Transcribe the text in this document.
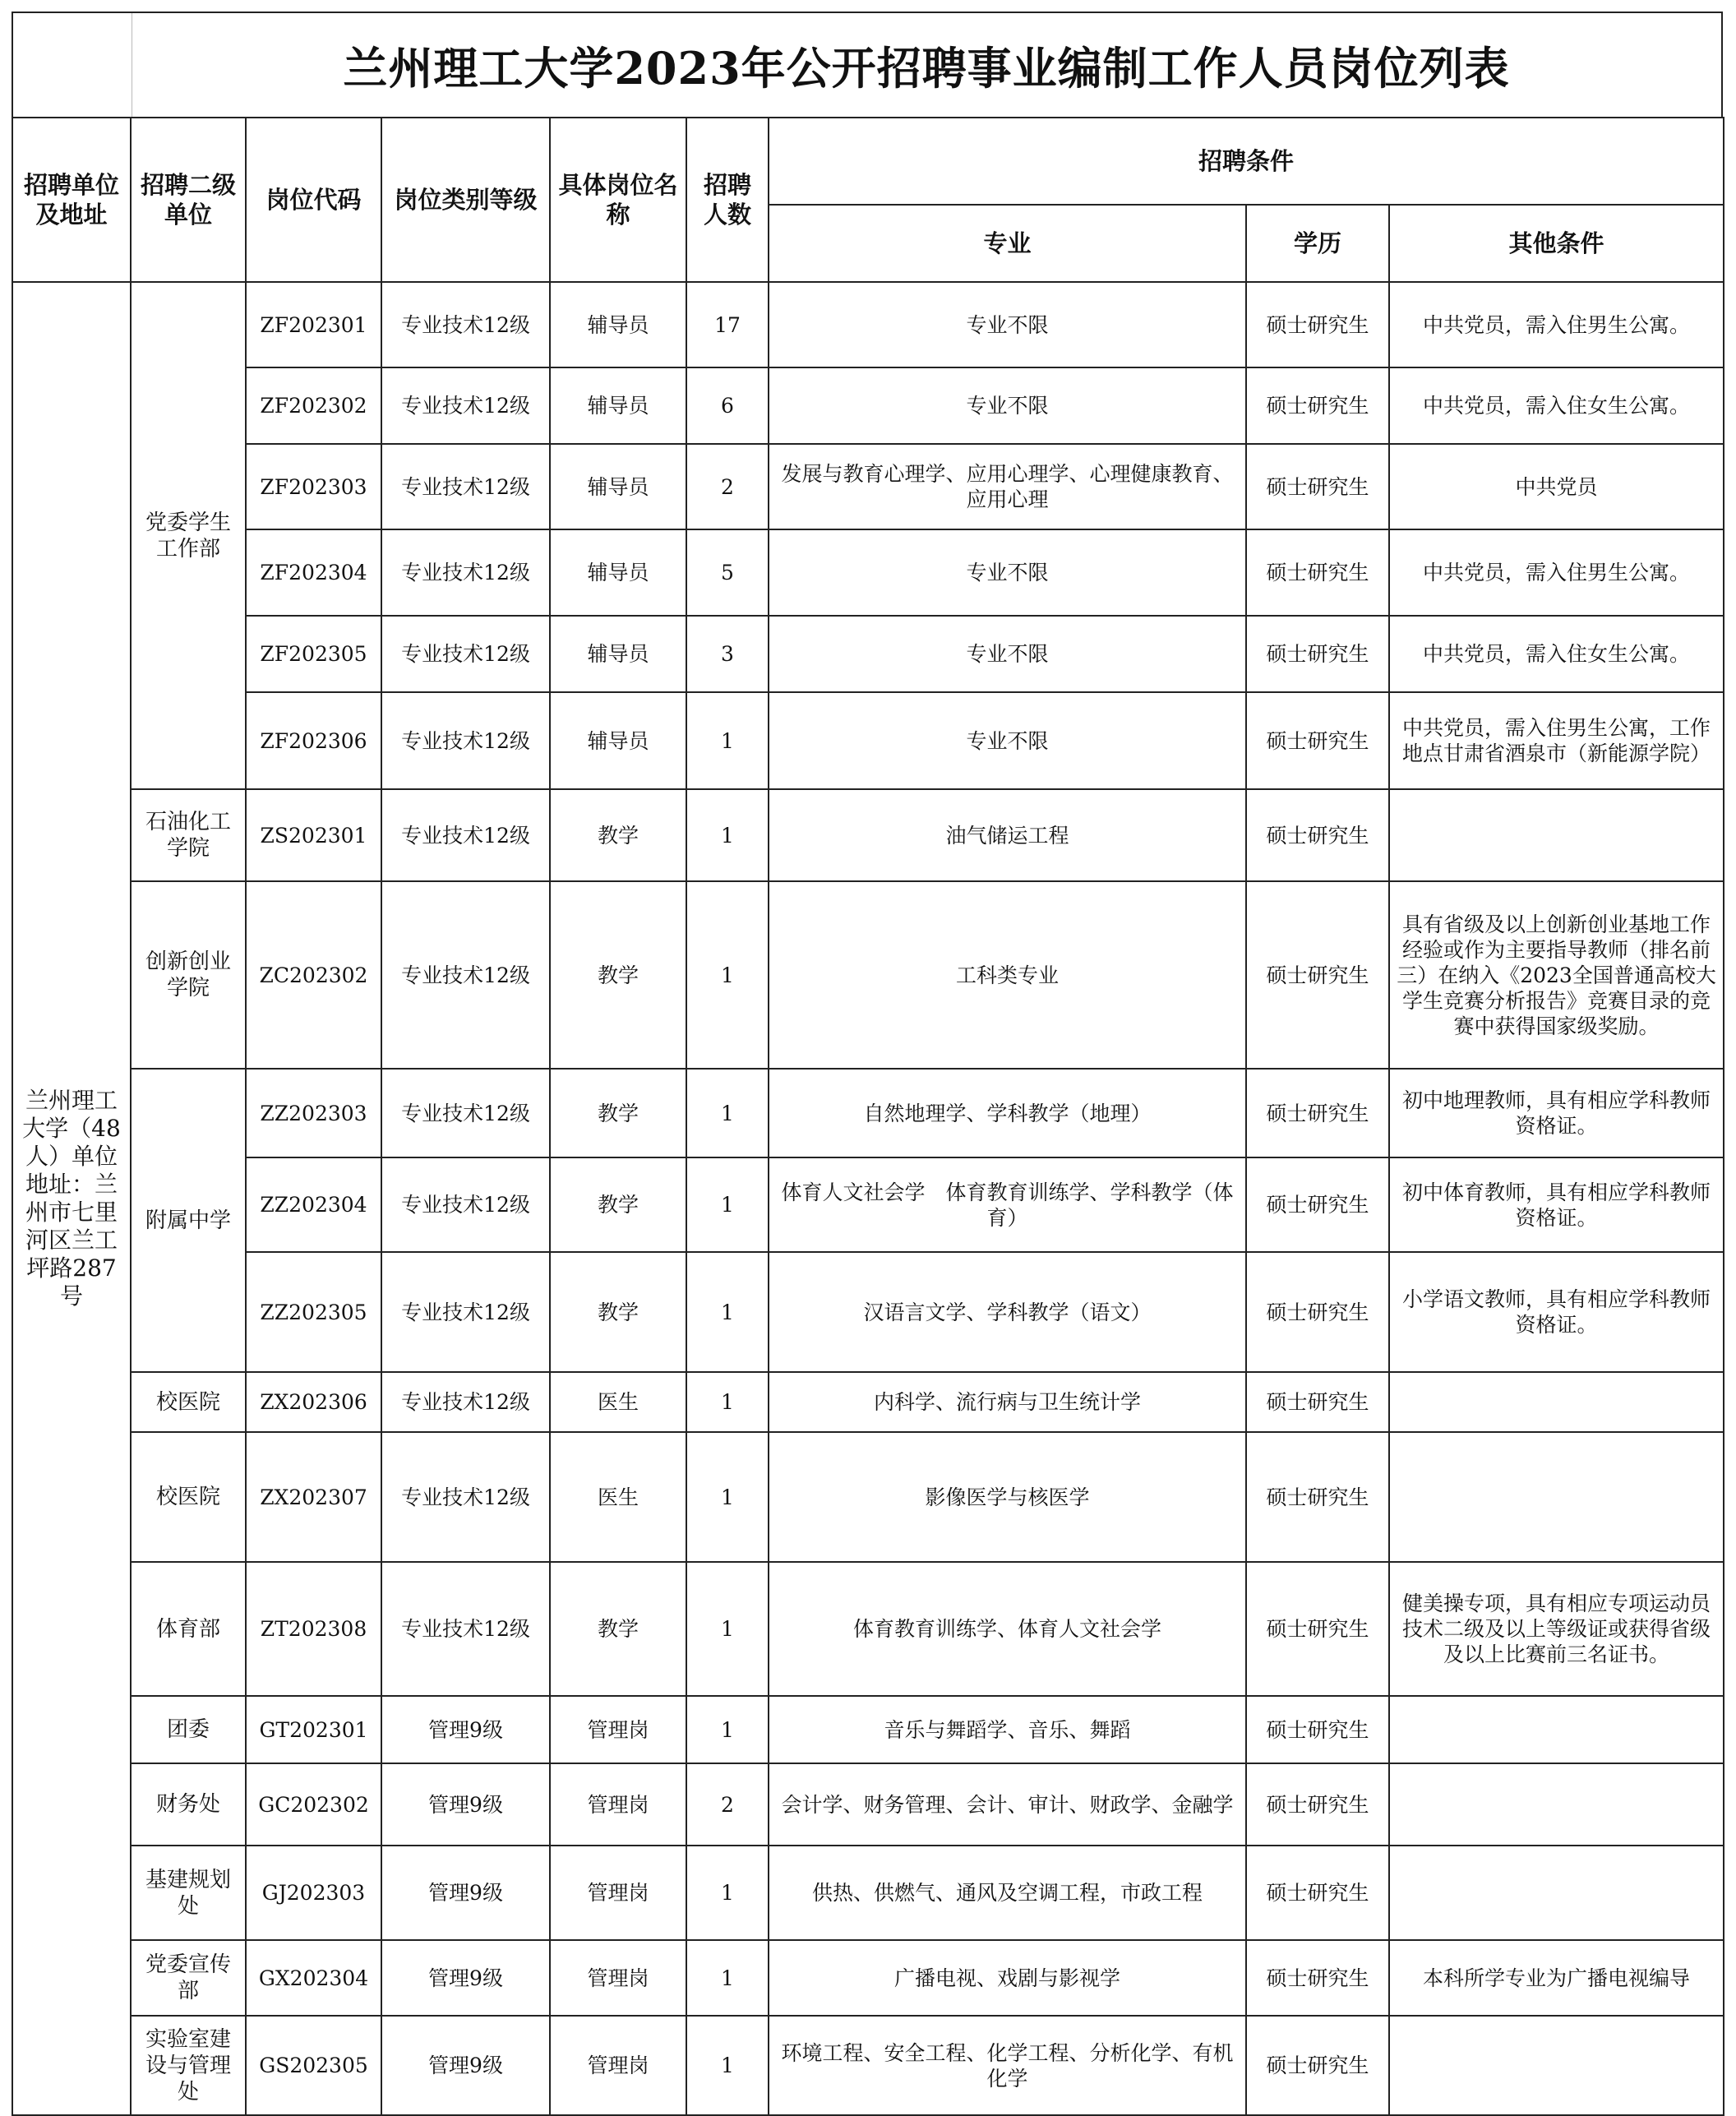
兰州理工大学2023年公开招聘事业编制工作人员岗位列表
招聘单位及地址	招聘二级单位	岗位代码	岗位类别等级	具体岗位名称	招聘人数	招聘条件		
						专业	学历	其他条件
兰州理工大学（48人）单位地址：兰州市七里河区兰工坪路287号	党委学生工作部	ZF202301	专业技术12级	辅导员	17	专业不限	硕士研究生	中共党员，需入住男生公寓。
		ZF202302	专业技术12级	辅导员	6	专业不限	硕士研究生	中共党员，需入住女生公寓。
		ZF202303	专业技术12级	辅导员	2	发展与教育心理学、应用心理学、心理健康教育、应用心理	硕士研究生	中共党员
		ZF202304	专业技术12级	辅导员	5	专业不限	硕士研究生	中共党员，需入住男生公寓。
		ZF202305	专业技术12级	辅导员	3	专业不限	硕士研究生	中共党员，需入住女生公寓。
		ZF202306	专业技术12级	辅导员	1	专业不限	硕士研究生	中共党员，需入住男生公寓，工作地点甘肃省酒泉市（新能源学院）
	石油化工学院	ZS202301	专业技术12级	教学	1	油气储运工程	硕士研究生	
	创新创业学院	ZC202302	专业技术12级	教学	1	工科类专业	硕士研究生	具有省级及以上创新创业基地工作经验或作为主要指导教师（排名前三）在纳入《2023全国普通高校大学生竞赛分析报告》竞赛目录的竞赛中获得国家级奖励。
	附属中学	ZZ202303	专业技术12级	教学	1	自然地理学、学科教学（地理）	硕士研究生	初中地理教师，具有相应学科教师资格证。
		ZZ202304	专业技术12级	教学	1	体育人文社会学　体育教育训练学、学科教学（体育）	硕士研究生	初中体育教师，具有相应学科教师资格证。
		ZZ202305	专业技术12级	教学	1	汉语言文学、学科教学（语文）	硕士研究生	小学语文教师，具有相应学科教师资格证。
	校医院	ZX202306	专业技术12级	医生	1	内科学、流行病与卫生统计学	硕士研究生	
	校医院	ZX202307	专业技术12级	医生	1	影像医学与核医学	硕士研究生	
	体育部	ZT202308	专业技术12级	教学	1	体育教育训练学、体育人文社会学	硕士研究生	健美操专项，具有相应专项运动员技术二级及以上等级证或获得省级及以上比赛前三名证书。
	团委	GT202301	管理9级	管理岗	1	音乐与舞蹈学、音乐、舞蹈	硕士研究生	
	财务处	GC202302	管理9级	管理岗	2	会计学、财务管理、会计、审计、财政学、金融学	硕士研究生	
	基建规划处	GJ202303	管理9级	管理岗	1	供热、供燃气、通风及空调工程，市政工程	硕士研究生	
	党委宣传部	GX202304	管理9级	管理岗	1	广播电视、戏剧与影视学	硕士研究生	本科所学专业为广播电视编导
	实验室建设与管理处	GS202305	管理9级	管理岗	1	环境工程、安全工程、化学工程、分析化学、有机化学	硕士研究生	
